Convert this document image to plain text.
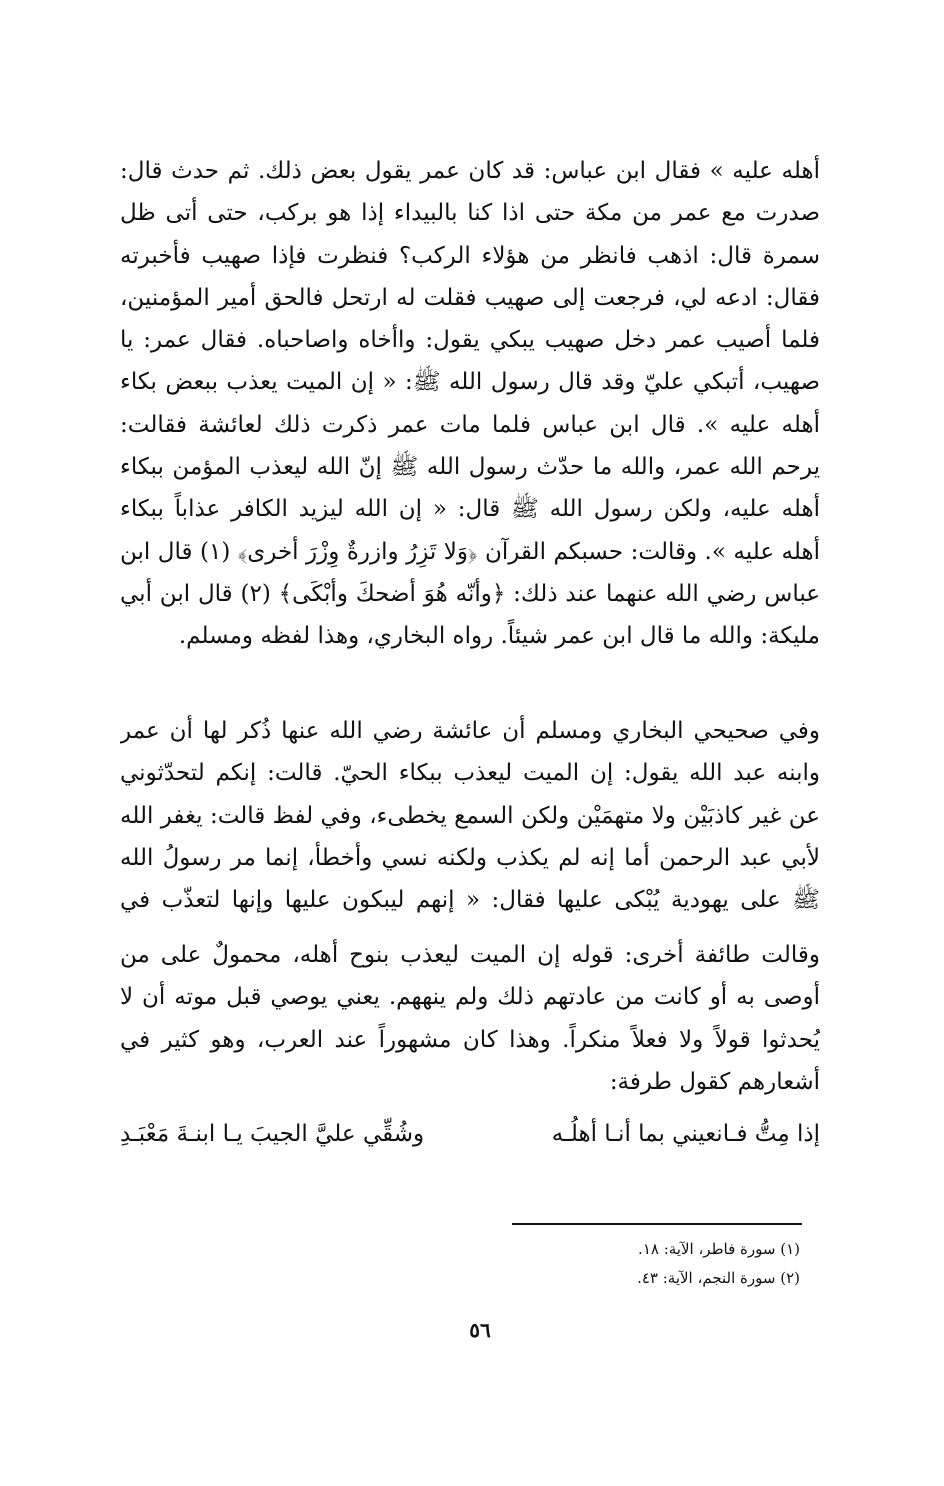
أهله عليه » فقال ابن عباس: قد كان عمر يقول بعض ذلك. ثم حدث قال: صدرت مع عمر من مكة حتى اذا كنا بالبيداء إذا هو بركب، حتى أتى ظل سمرة قال: اذهب فانظر من هؤلاء الركب؟ فنظرت فإذا صهيب فأخبرته فقال: ادعه لي، فرجعت إلى صهيب فقلت له ارتحل فالحق أمير المؤمنين، فلما أصيب عمر دخل صهيب يبكي يقول: واأخاه واصاحباه. فقال عمر: يا صهيب، أتبكي عليّ وقد قال رسول الله ﷺ: « إن الميت يعذب ببعض بكاء أهله عليه ». قال ابن عباس فلما مات عمر ذكرت ذلك لعائشة فقالت: يرحم الله عمر، والله ما حدّث رسول الله ﷺ إنّ الله ليعذب المؤمن ببكاء أهله عليه، ولكن رسول الله ﷺ قال: « إن الله ليزيد الكافر عذاباً ببكاء أهله عليه ». وقالت: حسبكم القرآن ﴿وَلا تَزِرُ وازرةٌ وِزْرَ أخرى﴾ (١) قال ابن عباس رضي الله عنهما عند ذلك: ﴿وأنّه هُوَ أضحكَ وأبْكَى﴾ (٢) قال ابن أبي مليكة: والله ما قال ابن عمر شيئاً. رواه البخاري، وهذا لفظه ومسلم.

وفي صحيحي البخاري ومسلم أن عائشة رضي الله عنها ذُكر لها أن عمر وابنه عبد الله يقول: إن الميت ليعذب ببكاء الحيّ. قالت: إنكم لتحدّثوني عن غير كاذبَيْن ولا متهمَيْن ولكن السمع يخطىء، وفي لفظ قالت: يغفر الله لأبي عبد الرحمن أما إنه لم يكذب ولكنه نسي وأخطأ، إنما مر رسولُ الله ﷺ على يهودية يُبْكى عليها فقال: « إنهم ليبكون عليها وإنها لتعذّب في

وقالت طائفة أخرى: قوله إن الميت ليعذب بنوح أهله، محمولٌ على من أوصى به أو كانت من عادتهم ذلك ولم ينههم. يعني يوصي قبل موته أن لا يُحدثوا قولاً ولا فعلاً منكراً. وهذا كان مشهوراً عند العرب، وهو كثير في أشعارهم كقول طرفة:

إذا مِتُّ فـانعيني بما أنـا أهلُـه
وشُقِّي عليَّ الجيبَ يـا ابنـةَ مَعْبَـدِ
(١) سورة فاطر، الآية: ١٨.
(٢) سورة النجم، الآية: ٤٣.
٥٦
